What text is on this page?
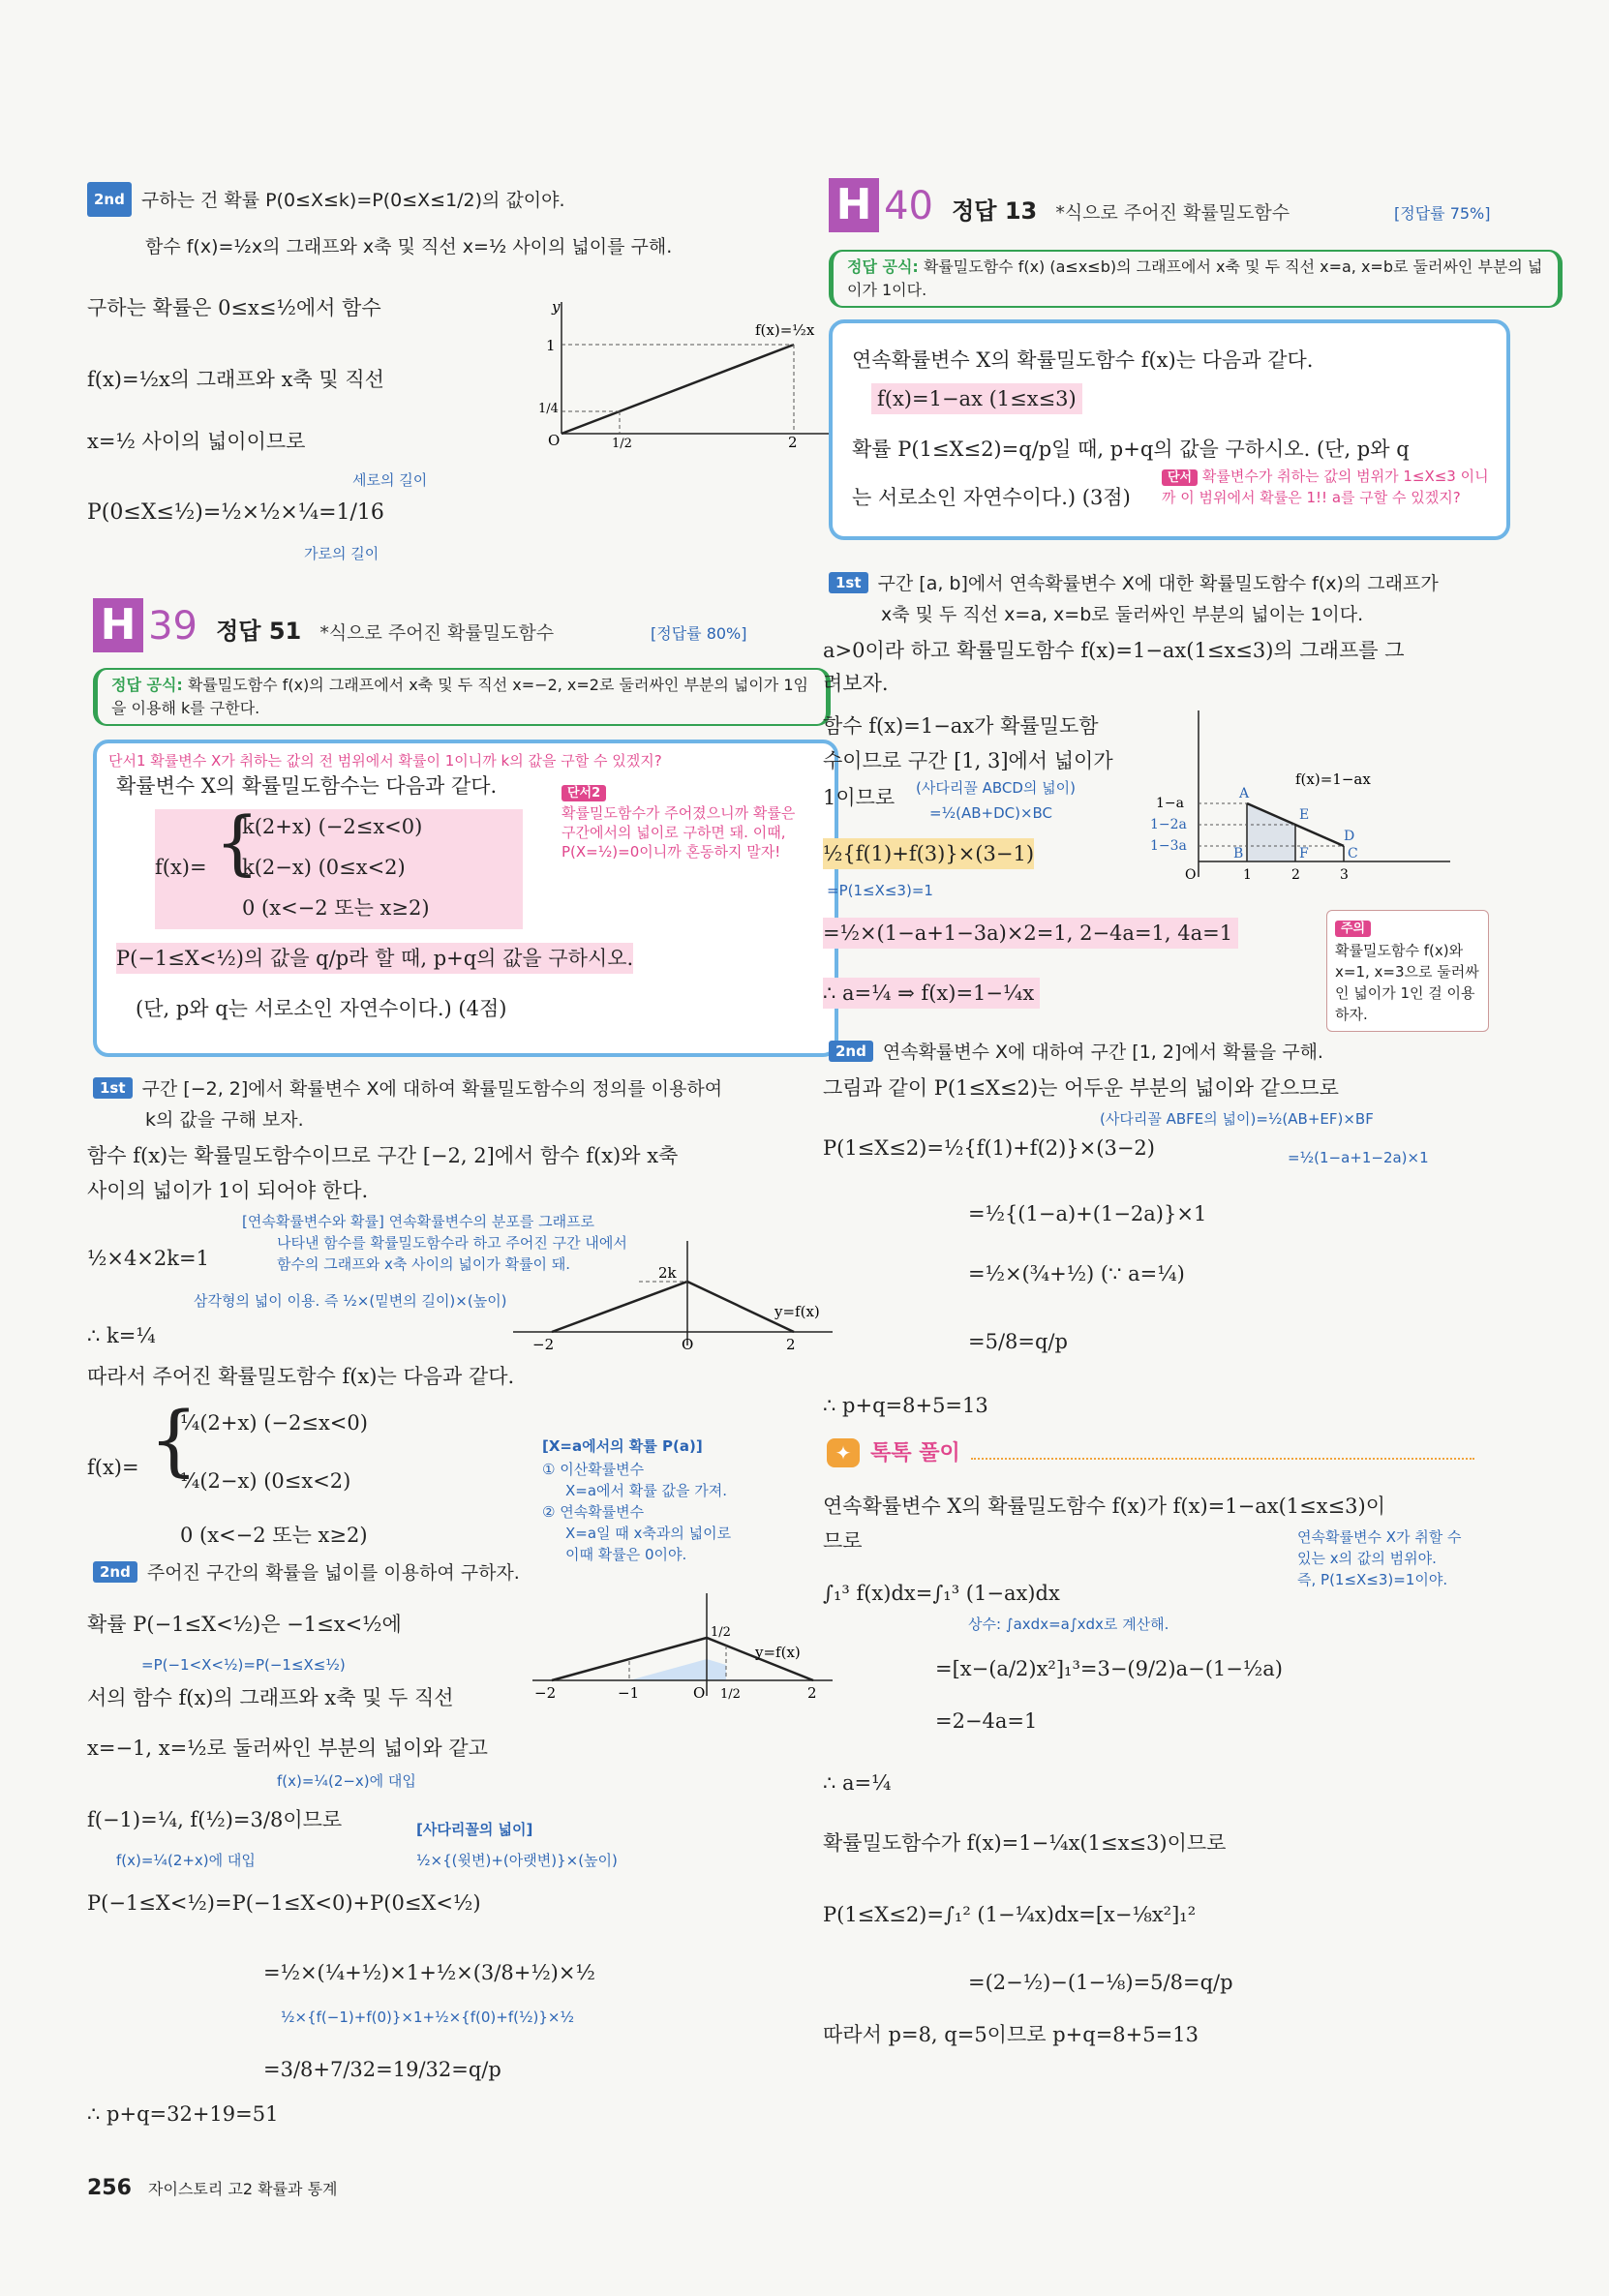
2nd 구하는 건 확률 P(0≤X≤k)=P(0≤X≤1/2)의 값이야.
함수 f(x)=½x의 그래프와 x축 및 직선 x=½ 사이의 넓이를 구해.
구하는 확률은 0≤x≤½에서 함수
f(x)=½x의 그래프와 x축 및 직선
x=½ 사이의 넓이이므로
세로의 길이
P(0≤X≤½)=½×½×¼=1/16
가로의 길이
y
f(x)=½x
1
1/4
O	1/2	2
H 39 정답 51 *식으로 주어진 확률밀도함수	[정답률 80%]
정답 공식: 확률밀도함수 f(x)의 그래프에서 x축 및 두 직선 x=−2, x=2로 둘러싸인 부분의 넓이가 1임을 이용해 k를 구한다.
단서1 확률변수 X가 취하는 값의 전 범위에서 확률이 1이니까 k의 값을 구할 수 있겠지?
확률변수 X의 확률밀도함수는 다음과 같다.
f(x)= {
k(2+x) (−2≤x<0)
k(2−x) (0≤x<2)
0 (x<−2 또는 x≥2)
단서2
확률밀도함수가 주어졌으니까 확률은 구간에서의 넓이로 구하면 돼. 이때, P(X=½)=0이니까 혼동하지 말자!
P(−1≤X<½)의 값을 q/p라 할 때, p+q의 값을 구하시오.
(단, p와 q는 서로소인 자연수이다.) (4점)
1st 구간 [−2, 2]에서 확률변수 X에 대하여 확률밀도함수의 정의를 이용하여
k의 값을 구해 보자.
함수 f(x)는 확률밀도함수이므로 구간 [−2, 2]에서 함수 f(x)와 x축
사이의 넓이가 1이 되어야 한다.
[연속확률변수와 확률] 연속확률변수의 분포를 그래프로
나타낸 함수를 확률밀도함수라 하고 주어진 구간 내에서
½×4×2k=1	함수의 그래프와 x축 사이의 넓이가 확률이 돼.
삼각형의 넓이 이용. 즉 ½×(밑변의 길이)×(높이)
∴ k=¼
2k
y=f(x)
−2	O	2
따라서 주어진 확률밀도함수 f(x)는 다음과 같다.
f(x)= {
¼(2+x) (−2≤x<0)
¼(2−x) (0≤x<2)
0 (x<−2 또는 x≥2)
[X=a에서의 확률 P(a)]
① 이산확률변수
X=a에서 확률 값을 가져.
② 연속확률변수
X=a일 때 x축과의 넓이로
이때 확률은 0이야.
2nd 주어진 구간의 확률을 넓이를 이용하여 구하자.
확률 P(−1≤X<½)은 −1≤x<½에
=P(−1<X<½)=P(−1≤X≤½)
서의 함수 f(x)의 그래프와 x축 및 두 직선
1/2
y=f(x)
−2	−1	O 1/2	2
x=−1, x=½로 둘러싸인 부분의 넓이와 같고
f(x)=¼(2−x)에 대입
f(−1)=¼, f(½)=3/8이므로	[사다리꼴의 넓이]
f(x)=¼(2+x)에 대입	½×{(윗변)+(아랫변)}×(높이)
P(−1≤X<½)=P(−1≤X<0)+P(0≤X<½)
=½×(¼+½)×1+½×(3/8+½)×½
½×{f(−1)+f(0)}×1+½×{f(0)+f(½)}×½
=3/8+7/32=19/32=q/p
∴ p+q=32+19=51
H 40 정답 13 *식으로 주어진 확률밀도함수	[정답률 75%]
정답 공식: 확률밀도함수 f(x) (a≤x≤b)의 그래프에서 x축 및 두 직선 x=a, x=b로 둘러싸인 부분의 넓이가 1이다.
연속확률변수 X의 확률밀도함수 f(x)는 다음과 같다.
f(x)=1−ax (1≤x≤3)
확률 P(1≤X≤2)=q/p일 때, p+q의 값을 구하시오. (단, p와 q
는 서로소인 자연수이다.) (3점)
단서 확률변수가 취하는 값의 범위가 1≤X≤3 이니까 이 범위에서 확률은 1!! a를 구할 수 있겠지?
1st 구간 [a, b]에서 연속확률변수 X에 대한 확률밀도함수 f(x)의 그래프가
x축 및 두 직선 x=a, x=b로 둘러싸인 부분의 넓이는 1이다.
a>0이라 하고 확률밀도함수 f(x)=1−ax(1≤x≤3)의 그래프를 그
려보자.
함수 f(x)=1−ax가 확률밀도함
수이므로 구간 [1, 3]에서 넓이가
1이므로 (사다리꼴 ABCD의 넓이)
=½(AB+DC)×BC
½{f(1)+f(3)}×(3−1)
=P(1≤X≤3)=1
=½×(1−a+1−3a)×2=1, 2−4a=1, 4a=1
∴ a=¼ ⇒ f(x)=1−¼x
1−a
1−2a
1−3a
f(x)=1−ax
A
E
D
B	F	C
O	1	2	3
주의
확률밀도함수 f(x)와 x=1, x=3으로 둘러싸인 넓이가 1인 걸 이용하자.
2nd 연속확률변수 X에 대하여 구간 [1, 2]에서 확률을 구해.
그림과 같이 P(1≤X≤2)는 어두운 부분의 넓이와 같으므로
(사다리꼴 ABFE의 넓이)=½(AB+EF)×BF
P(1≤X≤2)=½{f(1)+f(2)}×(3−2)	=½(1−a+1−2a)×1
=½{(1−a)+(1−2a)}×1
=½×(¾+½) (∵ a=¼)
=5/8=q/p
∴ p+q=8+5=13
✦ 톡톡 풀이
연속확률변수 X의 확률밀도함수 f(x)가 f(x)=1−ax(1≤x≤3)이
므로	연속확률변수 X가 취할 수
있는 x의 값의 범위야.
즉, P(1≤X≤3)=1이야.
∫₁³ f(x)dx=∫₁³ (1−ax)dx
상수: ∫axdx=a∫xdx로 계산해.
=[x−(a/2)x²]₁³=3−(9/2)a−(1−½a)
=2−4a=1
∴ a=¼
확률밀도함수가 f(x)=1−¼x(1≤x≤3)이므로
P(1≤X≤2)=∫₁² (1−¼x)dx=[x−⅛x²]₁²
=(2−½)−(1−⅛)=5/8=q/p
따라서 p=8, q=5이므로 p+q=8+5=13
256 자이스토리 고2 확률과 통계
